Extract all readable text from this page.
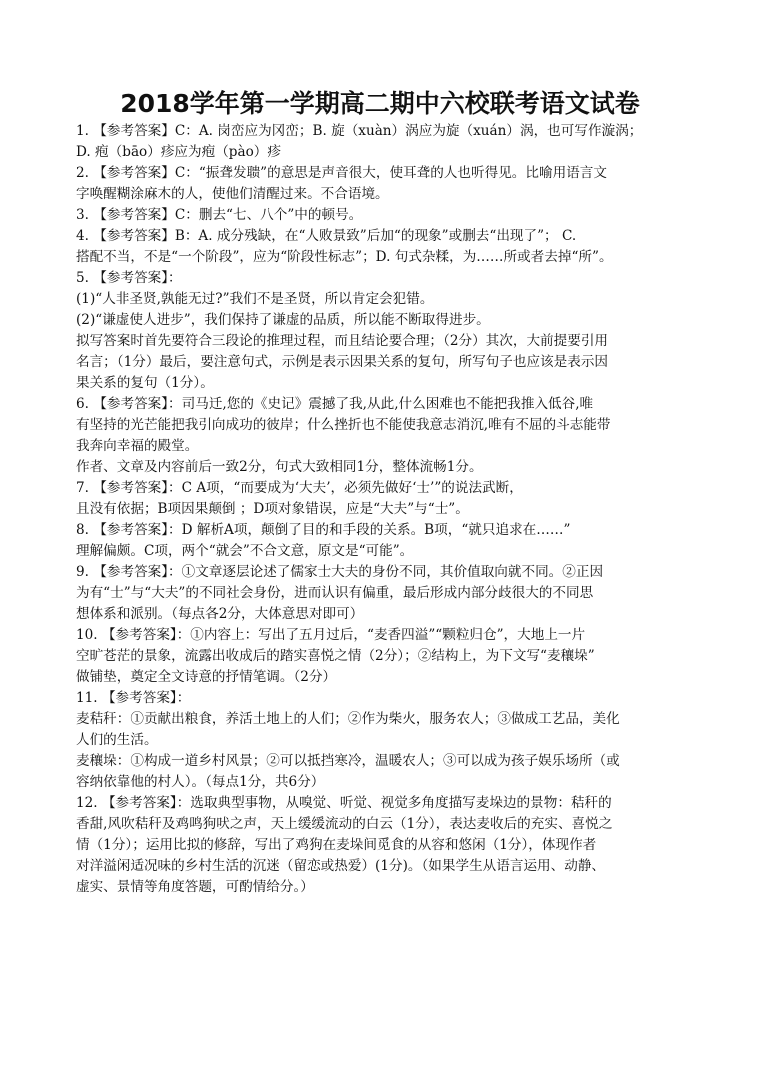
2018学年第一学期高二期中六校联考语文试卷
1. 【参考答案】C：A. 岗峦应为冈峦；B. 旋（xuàn）涡应为旋（xuán）涡，也可写作漩涡；
D. 疱（bāo）疹应为疱（pào）疹
2. 【参考答案】C：“振聋发聩”的意思是声音很大，使耳聋的人也听得见。比喻用语言文
字唤醒糊涂麻木的人，使他们清醒过来。不合语境。
3. 【参考答案】C：删去“七、八个”中的顿号。
4. 【参考答案】B：A. 成分残缺，在“人败景致”后加“的现象”或删去“出现了”； C.
搭配不当，不是“一个阶段”，应为“阶段性标志”；D. 句式杂糅，为……所或者去掉“所”。
5. 【参考答案】：
(1)“人非圣贤,孰能无过?”我们不是圣贤，所以肯定会犯错。
(2)“谦虚使人进步”，我们保持了谦虚的品质，所以能不断取得进步。
拟写答案时首先要符合三段论的推理过程，而且结论要合理；（2分）其次，大前提要引用
名言；（1分）最后，要注意句式，示例是表示因果关系的复句，所写句子也应该是表示因
果关系的复句（1分）。
6. 【参考答案】：司马迁,您的《史记》震撼了我,从此,什么困难也不能把我推入低谷,唯
有坚持的光芒能把我引向成功的彼岸；什么挫折也不能使我意志消沉,唯有不屈的斗志能带
我奔向幸福的殿堂。
作者、文章及内容前后一致2分，句式大致相同1分，整体流畅1分。
7. 【参考答案】：C A项，“而要成为‘大夫’，必须先做好‘士’”的说法武断，
且没有依据；B项因果颠倒 ；D项对象错误，应是“大夫”与“士”。
8. 【参考答案】：D 解析A项，颠倒了目的和手段的关系。B项，“就只追求在……”
理解偏颇。C项，两个“就会”不合文意，原文是“可能”。
9. 【参考答案】：①文章逐层论述了儒家士大夫的身份不同，其价值取向就不同。②正因
为有“士”与“大夫”的不同社会身份，进而认识有偏重，最后形成内部分歧很大的不同思
想体系和派别。（每点各2分，大体意思对即可）
10. 【参考答案】：①内容上：写出了五月过后，“麦香四溢”“颗粒归仓”，大地上一片
空旷苍茫的景象，流露出收成后的踏实喜悦之情（2分）；②结构上，为下文写“麦穰垛”
做铺垫，奠定全文诗意的抒情笔调。（2分）
11. 【参考答案】：
麦秸秆：①贡献出粮食，养活土地上的人们；②作为柴火，服务农人；③做成工艺品，美化
人们的生活。
麦穰垛：①构成一道乡村风景；②可以抵挡寒冷，温暖农人；③可以成为孩子娱乐场所（或
容纳依靠他的村人）。（每点1分，共6分）
12. 【参考答案】：选取典型事物，从嗅觉、听觉、视觉多角度描写麦垛边的景物：秸秆的
香甜,风吹秸秆及鸡鸣狗吠之声，天上缓缓流动的白云（1分），表达麦收后的充实、喜悦之
情（1分）；运用比拟的修辞，写出了鸡狗在麦垛间觅食的从容和悠闲（1分），体现作者
对洋溢闲适况味的乡村生活的沉迷（留恋或热爱）(1分)。（如果学生从语言运用、动静、
虚实、景情等角度答题，可酌情给分。）
